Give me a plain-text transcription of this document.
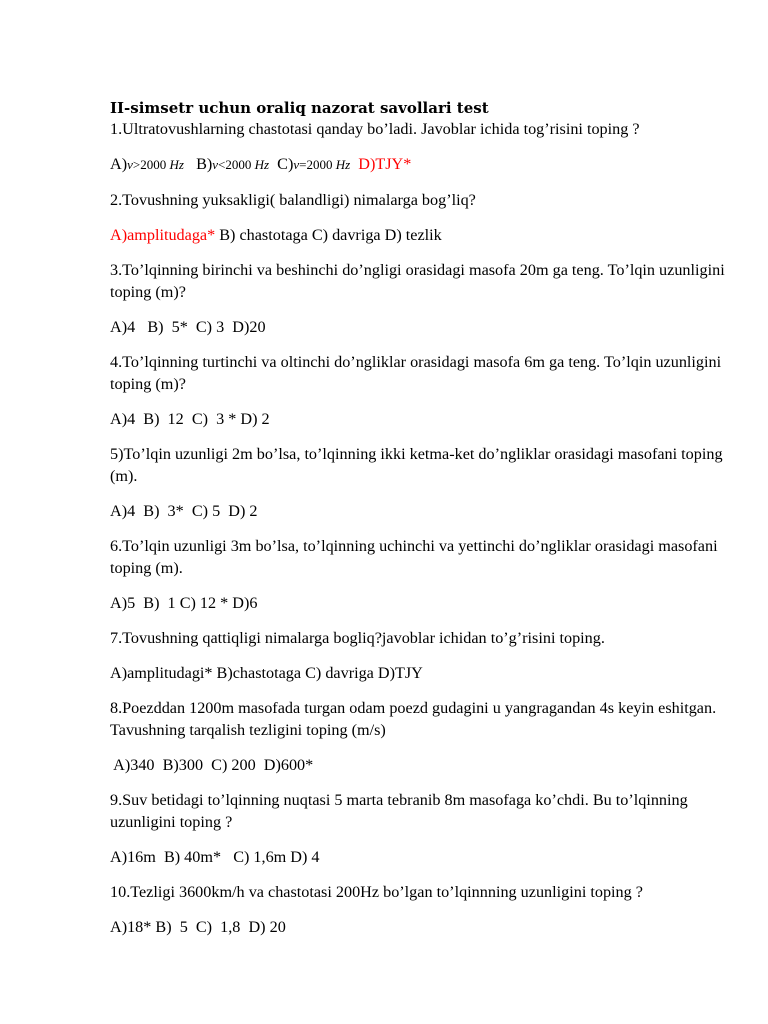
II-simsetr uchun oraliq nazorat savollari test

1.Ultratovushlarning chastotasi qanday bo’ladi. Javoblar ichida tog’risini toping ?

A)v>2000 Hz B)v<2000 Hz C)v=2000 Hz D)TJY*

2.Tovushning yuksakligi( balandligi) nimalarga bog’liq?

A)amplitudaga* B) chastotaga C) davriga D) tezlik

3.To’lqinning birinchi va beshinchi do’ngligi orasidagi masofa 20m ga teng. To’lqin uzunligini toping (m)?

A)4   B)  5*  C) 3  D)20

4.To’lqinning turtinchi va oltinchi do’ngliklar orasidagi masofa 6m ga teng. To’lqin uzunligini toping (m)?

A)4  B)  12  C)  3 * D) 2

5)To’lqin uzunligi 2m bo’lsa, to’lqinning ikki ketma-ket do’ngliklar orasidagi masofani toping (m).

A)4  B)  3*  C) 5  D) 2

6.To’lqin uzunligi 3m bo’lsa, to’lqinning uchinchi va yettinchi do’ngliklar orasidagi masofani toping (m).

A)5  B)  1 C) 12 * D)6

7.Tovushning qattiqligi nimalarga bogliq?javoblar ichidan to’g’risini toping.

A)amplitudagi* B)chastotaga C) davriga D)TJY

8.Poezddan 1200m masofada turgan odam poezd gudagini u yangragandan 4s keyin eshitgan. Tavushning tarqalish tezligini toping (m/s)

A)340  B)300  C) 200  D)600*

9.Suv betidagi to’lqinning nuqtasi 5 marta tebranib 8m masofaga ko’chdi. Bu to’lqinning uzunligini toping ?

A)16m  B) 40m*   C) 1,6m D) 4

10.Tezligi 3600km/h va chastotasi 200Hz bo’lgan to’lqinnning uzunligini toping ?

A)18* B)  5  C)  1,8  D) 20
